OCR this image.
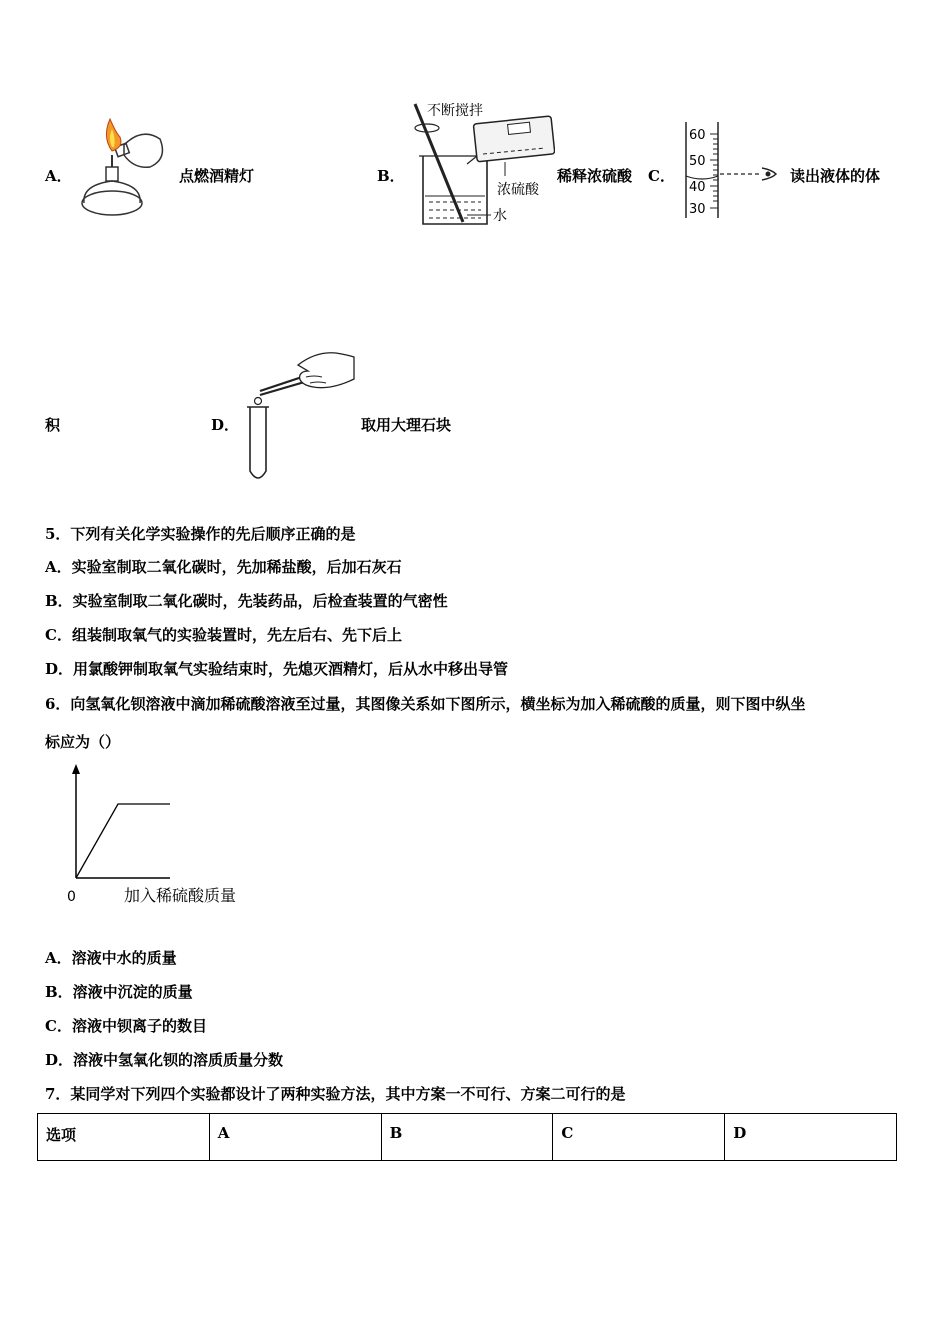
A．	点燃酒精灯	B．
不断搅拌
浓硫酸
水
稀释浓硫酸 C．
60
50
40
30
读出液体的体
积	D．	取用大理石块
5．下列有关化学实验操作的先后顺序正确的是
A．实验室制取二氧化碳时，先加稀盐酸，后加石灰石
B．实验室制取二氧化碳时，先装药品，后检查装置的气密性
C．组装制取氧气的实验装置时，先左后右、先下后上
D．用氯酸钾制取氧气实验结束时，先熄灭酒精灯，后从水中移出导管
6．向氢氧化钡溶液中滴加稀硫酸溶液至过量，其图像关系如下图所示，横坐标为加入稀硫酸的质量，则下图中纵坐
标应为（）
0	加入稀硫酸质量
A．溶液中水的质量
B．溶液中沉淀的质量
C．溶液中钡离子的数目
D．溶液中氢氧化钡的溶质质量分数
7．某同学对下列四个实验都设计了两种实验方法，其中方案一不可行、方案二可行的是
选项	A	B	C	D
